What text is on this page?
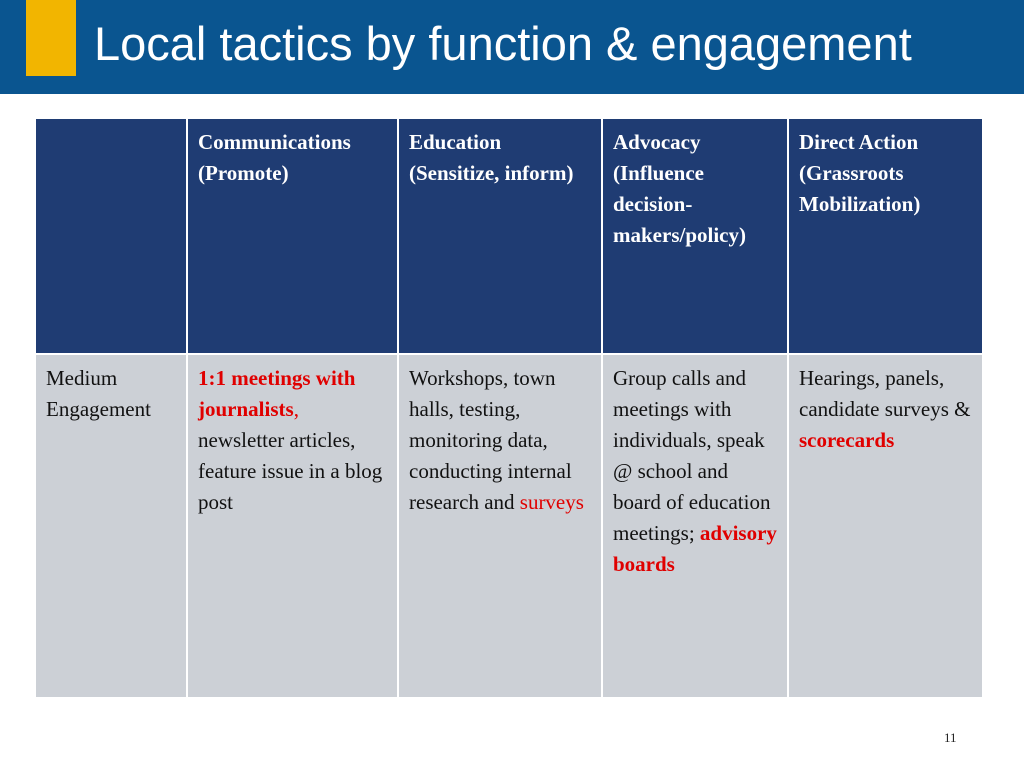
Local tactics by function & engagement
	Communications (Promote)	Education (Sensitize, inform)	Advocacy (Influence decision-makers/policy)	Direct Action (Grassroots Mobilization)
Medium Engagement	1:1 meetings with journalists, newsletter articles, feature issue in a blog post	Workshops, town halls, testing, monitoring data, conducting internal research and surveys	Group calls and meetings with individuals, speak @ school and board of education meetings; advisory boards	Hearings, panels, candidate surveys & scorecards
11
